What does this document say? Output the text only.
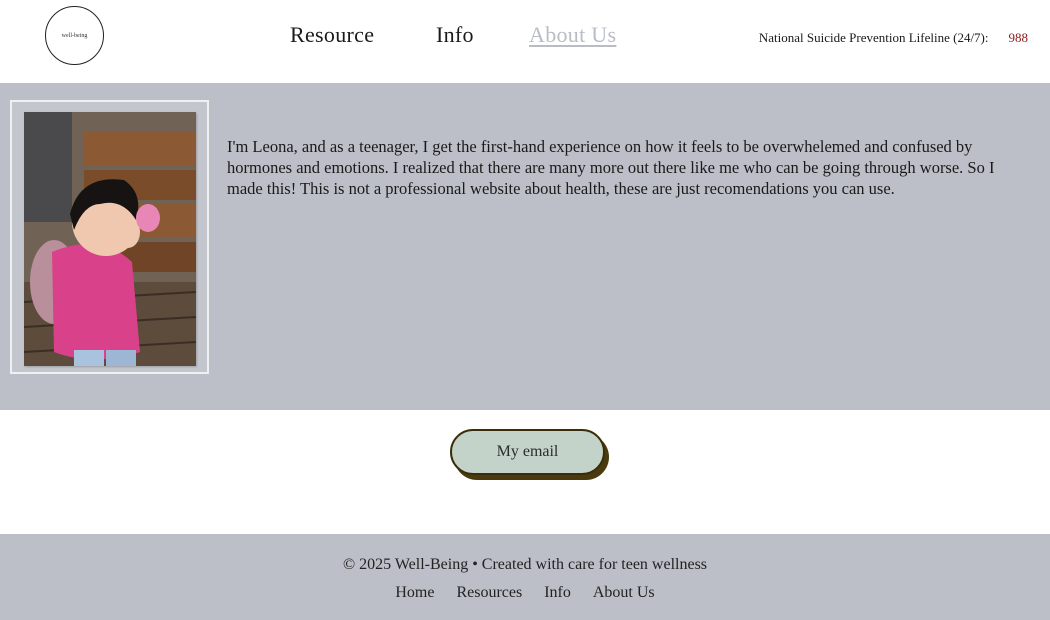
well-being	Resource	Info	About Us	National Suicide Prevention Lifeline (24/7): 988

I'm Leona, and as a teenager, I get the first-hand experience on how it feels to be overwhelemed and confused by hormones and emotions. I realized that there are many more out there like me who can be going through worse. So I made this! This is not a professional website about health, these are just recomendations you can use.

My email
© 2025 Well-Being • Created with care for teen wellness
Home Resources Info About Us
